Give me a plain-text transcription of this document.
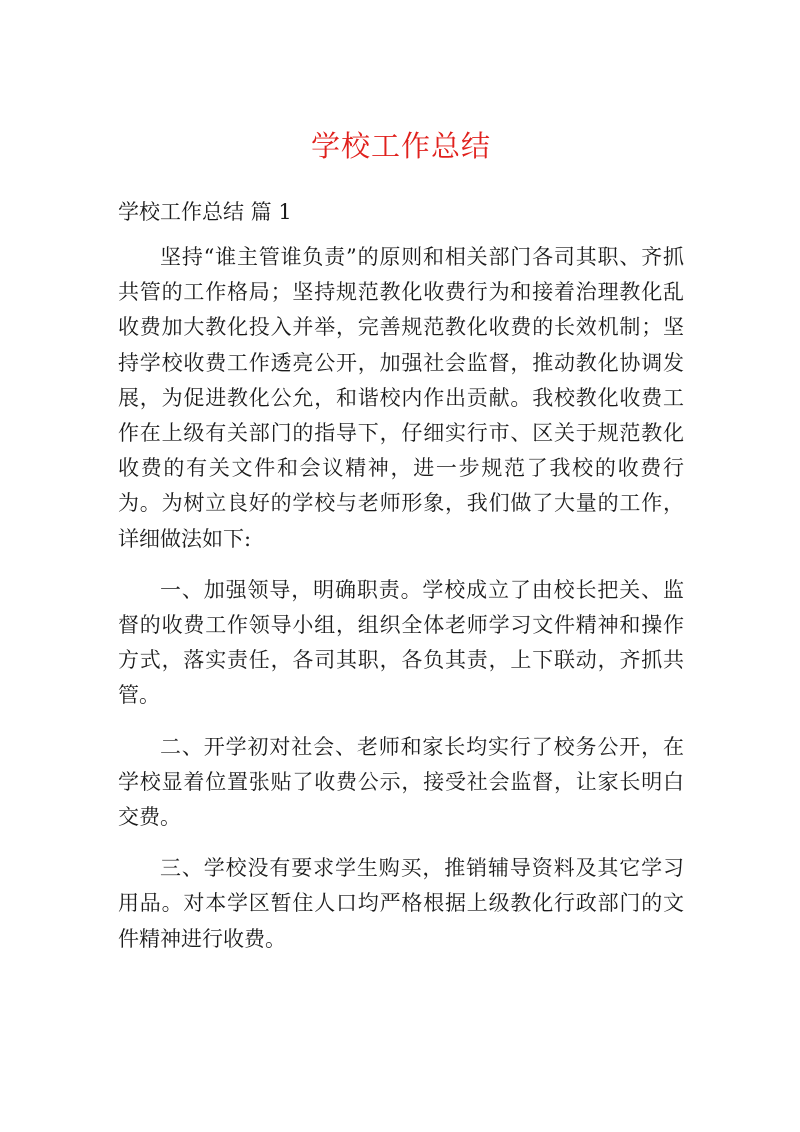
学校工作总结

学校工作总结 篇 1

坚持“谁主管谁负责”的原则和相关部门各司其职、齐抓共管的工作格局；坚持规范教化收费行为和接着治理教化乱收费加大教化投入并举，完善规范教化收费的长效机制；坚持学校收费工作透亮公开，加强社会监督，推动教化协调发展，为促进教化公允，和谐校内作出贡献。我校教化收费工作在上级有关部门的指导下，仔细实行市、区关于规范教化收费的有关文件和会议精神，进一步规范了我校的收费行为。为树立良好的学校与老师形象，我们做了大量的工作，详细做法如下:

一、加强领导，明确职责。学校成立了由校长把关、监督的收费工作领导小组，组织全体老师学习文件精神和操作方式，落实责任，各司其职，各负其责，上下联动，齐抓共管。

二、开学初对社会、老师和家长均实行了校务公开，在学校显着位置张贴了收费公示，接受社会监督，让家长明白交费。

三、学校没有要求学生购买，推销辅导资料及其它学习用品。对本学区暂住人口均严格根据上级教化行政部门的文件精神进行收费。
